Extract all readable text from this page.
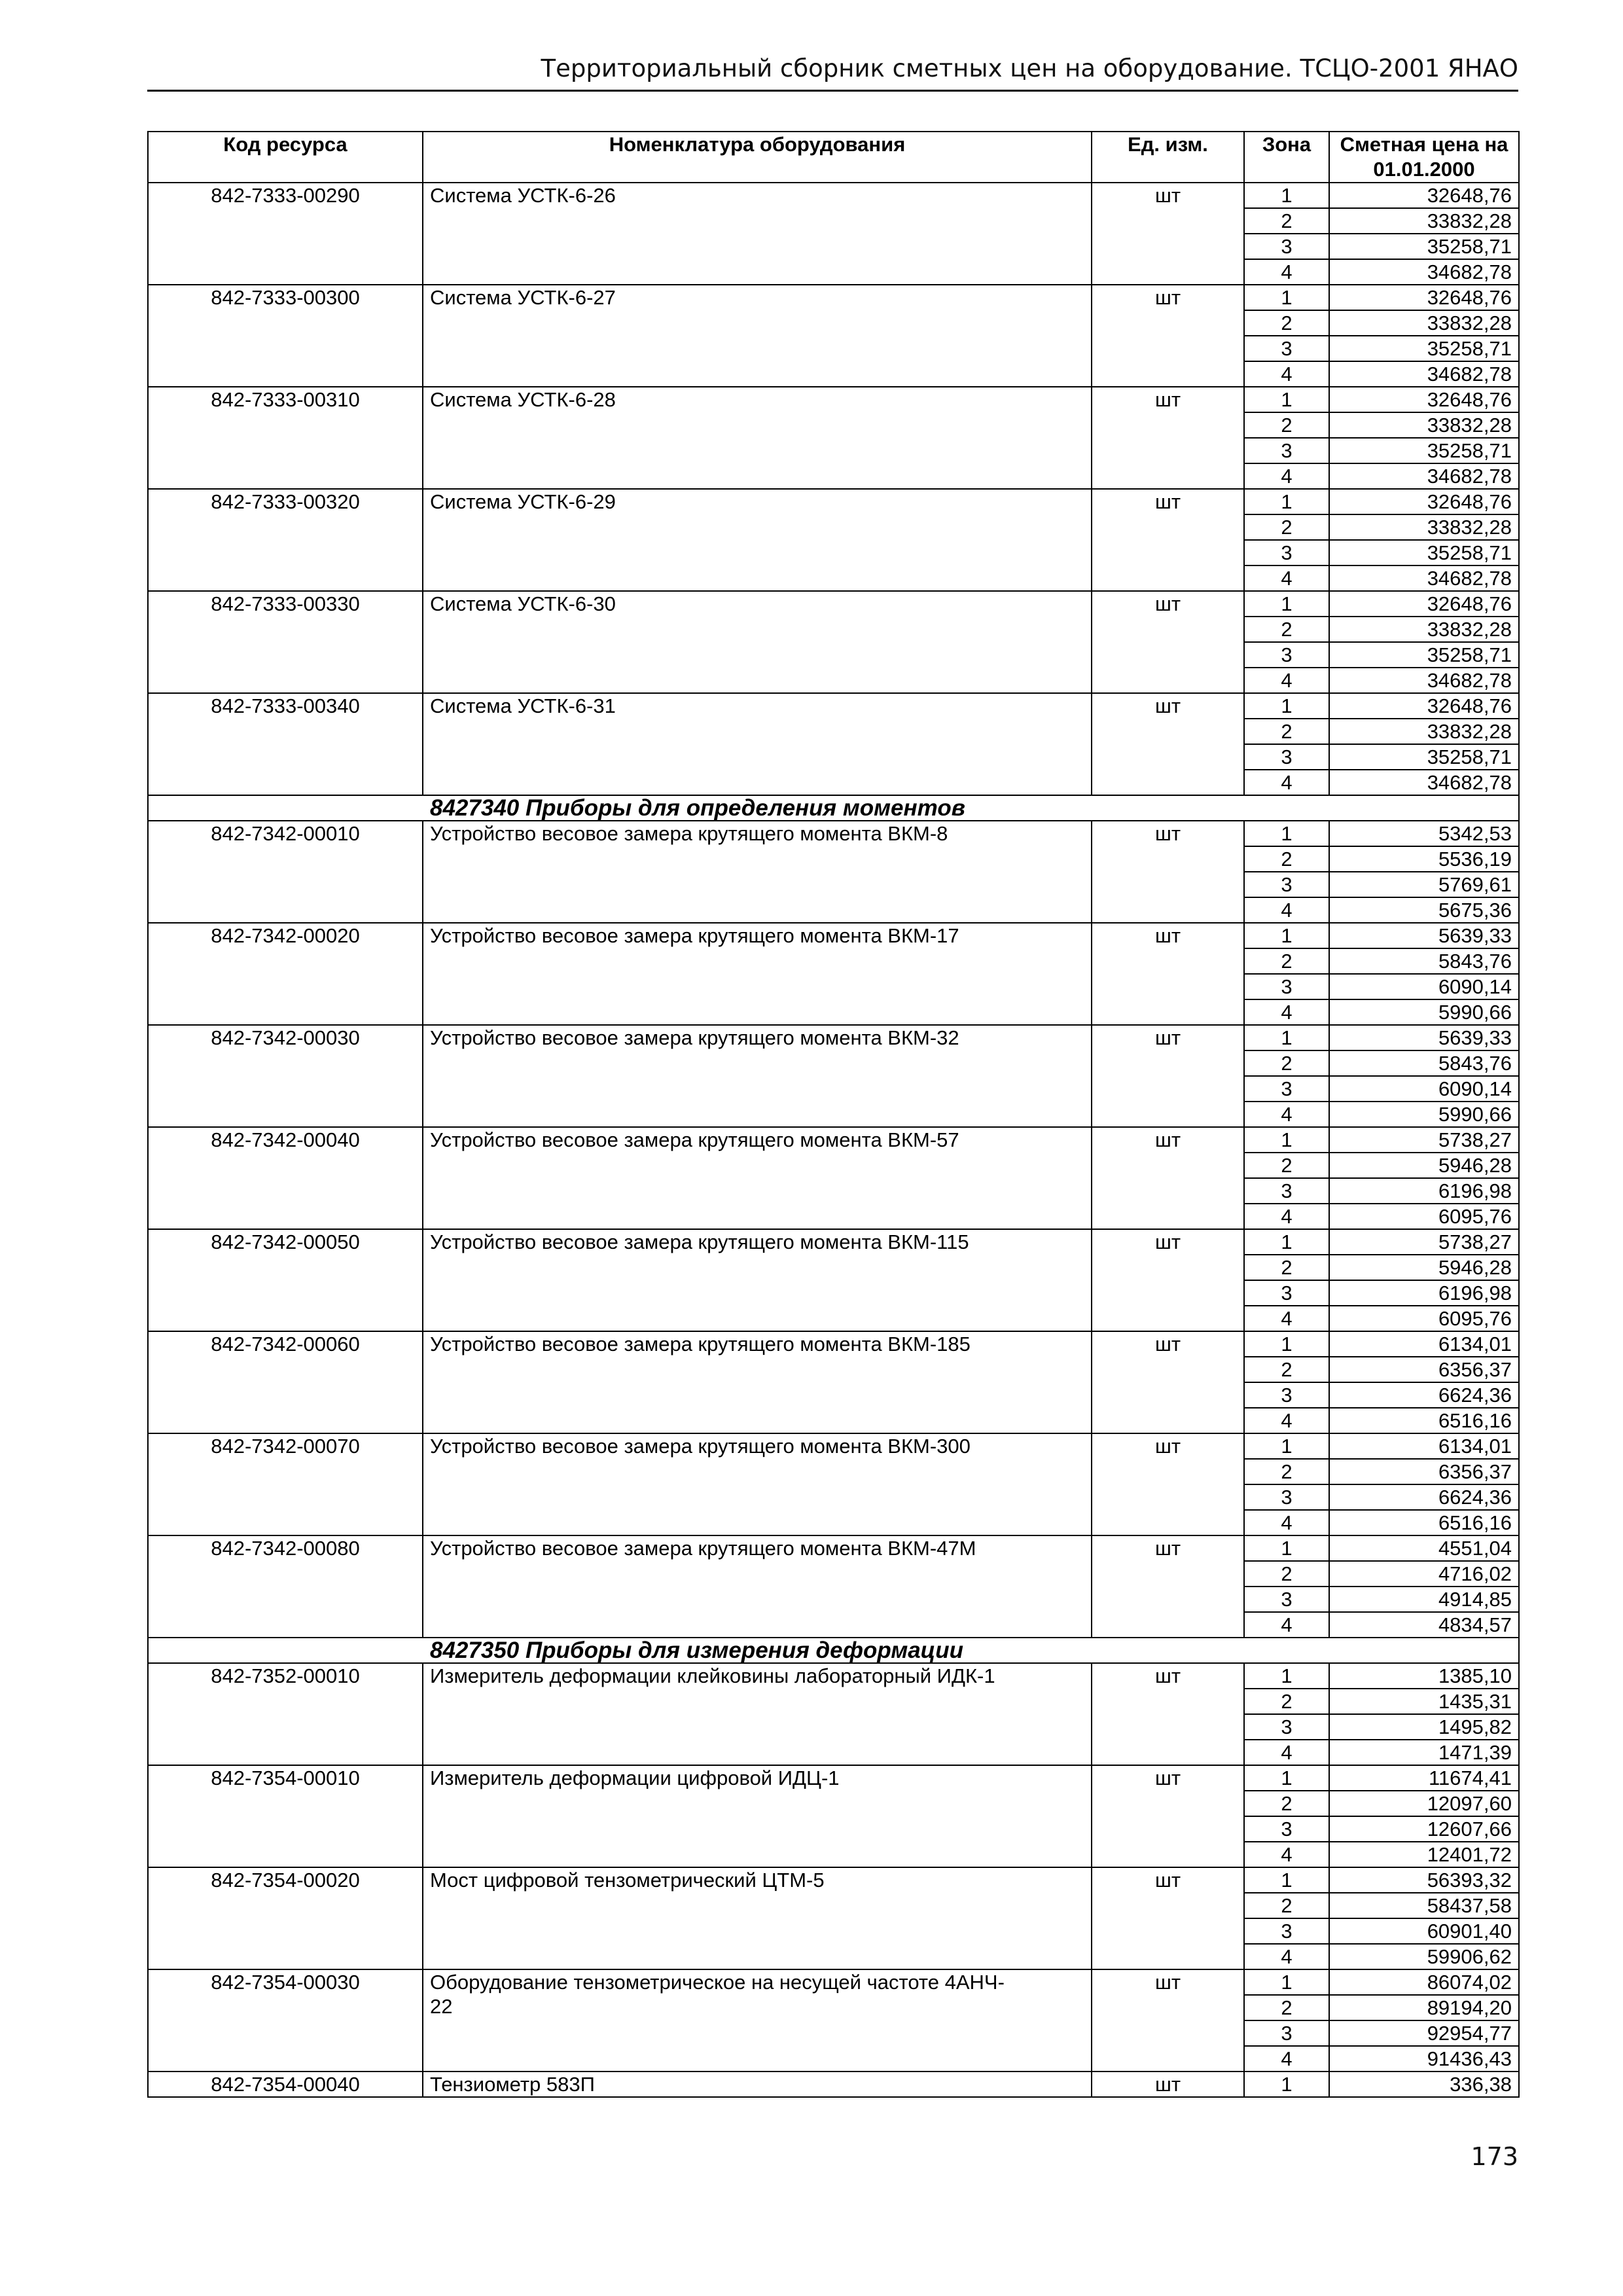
Территориальный сборник сметных цен на оборудование. ТСЦО-2001 ЯНАО
Код ресурса	Номенклатура оборудования	Ед. изм.	Зона	Сметная цена на 01.01.2000
842-7333-00290	Система УСТК-6-26	шт	1	32648,76
			2	33832,28
			3	35258,71
			4	34682,78
842-7333-00300	Система УСТК-6-27	шт	1	32648,76
			2	33832,28
			3	35258,71
			4	34682,78
842-7333-00310	Система УСТК-6-28	шт	1	32648,76
			2	33832,28
			3	35258,71
			4	34682,78
842-7333-00320	Система УСТК-6-29	шт	1	32648,76
			2	33832,28
			3	35258,71
			4	34682,78
842-7333-00330	Система УСТК-6-30	шт	1	32648,76
			2	33832,28
			3	35258,71
			4	34682,78
842-7333-00340	Система УСТК-6-31	шт	1	32648,76
			2	33832,28
			3	35258,71
			4	34682,78
8427340 Приборы для определения моментов				
842-7342-00010	Устройство весовое замера крутящего момента ВКМ-8	шт	1	5342,53
			2	5536,19
			3	5769,61
			4	5675,36
842-7342-00020	Устройство весовое замера крутящего момента ВКМ-17	шт	1	5639,33
			2	5843,76
			3	6090,14
			4	5990,66
842-7342-00030	Устройство весовое замера крутящего момента ВКМ-32	шт	1	5639,33
			2	5843,76
			3	6090,14
			4	5990,66
842-7342-00040	Устройство весовое замера крутящего момента ВКМ-57	шт	1	5738,27
			2	5946,28
			3	6196,98
			4	6095,76
842-7342-00050	Устройство весовое замера крутящего момента ВКМ-115	шт	1	5738,27
			2	5946,28
			3	6196,98
			4	6095,76
842-7342-00060	Устройство весовое замера крутящего момента ВКМ-185	шт	1	6134,01
			2	6356,37
			3	6624,36
			4	6516,16
842-7342-00070	Устройство весовое замера крутящего момента ВКМ-300	шт	1	6134,01
			2	6356,37
			3	6624,36
			4	6516,16
842-7342-00080	Устройство весовое замера крутящего момента ВКМ-47М	шт	1	4551,04
			2	4716,02
			3	4914,85
			4	4834,57
8427350 Приборы для измерения деформации				
842-7352-00010	Измеритель деформации клейковины лабораторный ИДК-1	шт	1	1385,10
			2	1435,31
			3	1495,82
			4	1471,39
842-7354-00010	Измеритель деформации цифровой ИДЦ-1	шт	1	11674,41
			2	12097,60
			3	12607,66
			4	12401,72
842-7354-00020	Мост цифровой тензометрический ЦТМ-5	шт	1	56393,32
			2	58437,58
			3	60901,40
			4	59906,62
842-7354-00030	Оборудование тензометрическое на несущей частоте 4АНЧ-
22	шт	1	86074,02
			2	89194,20
			3	92954,77
			4	91436,43
842-7354-00040	Тензиометр 583П	шт	1	336,38
173
